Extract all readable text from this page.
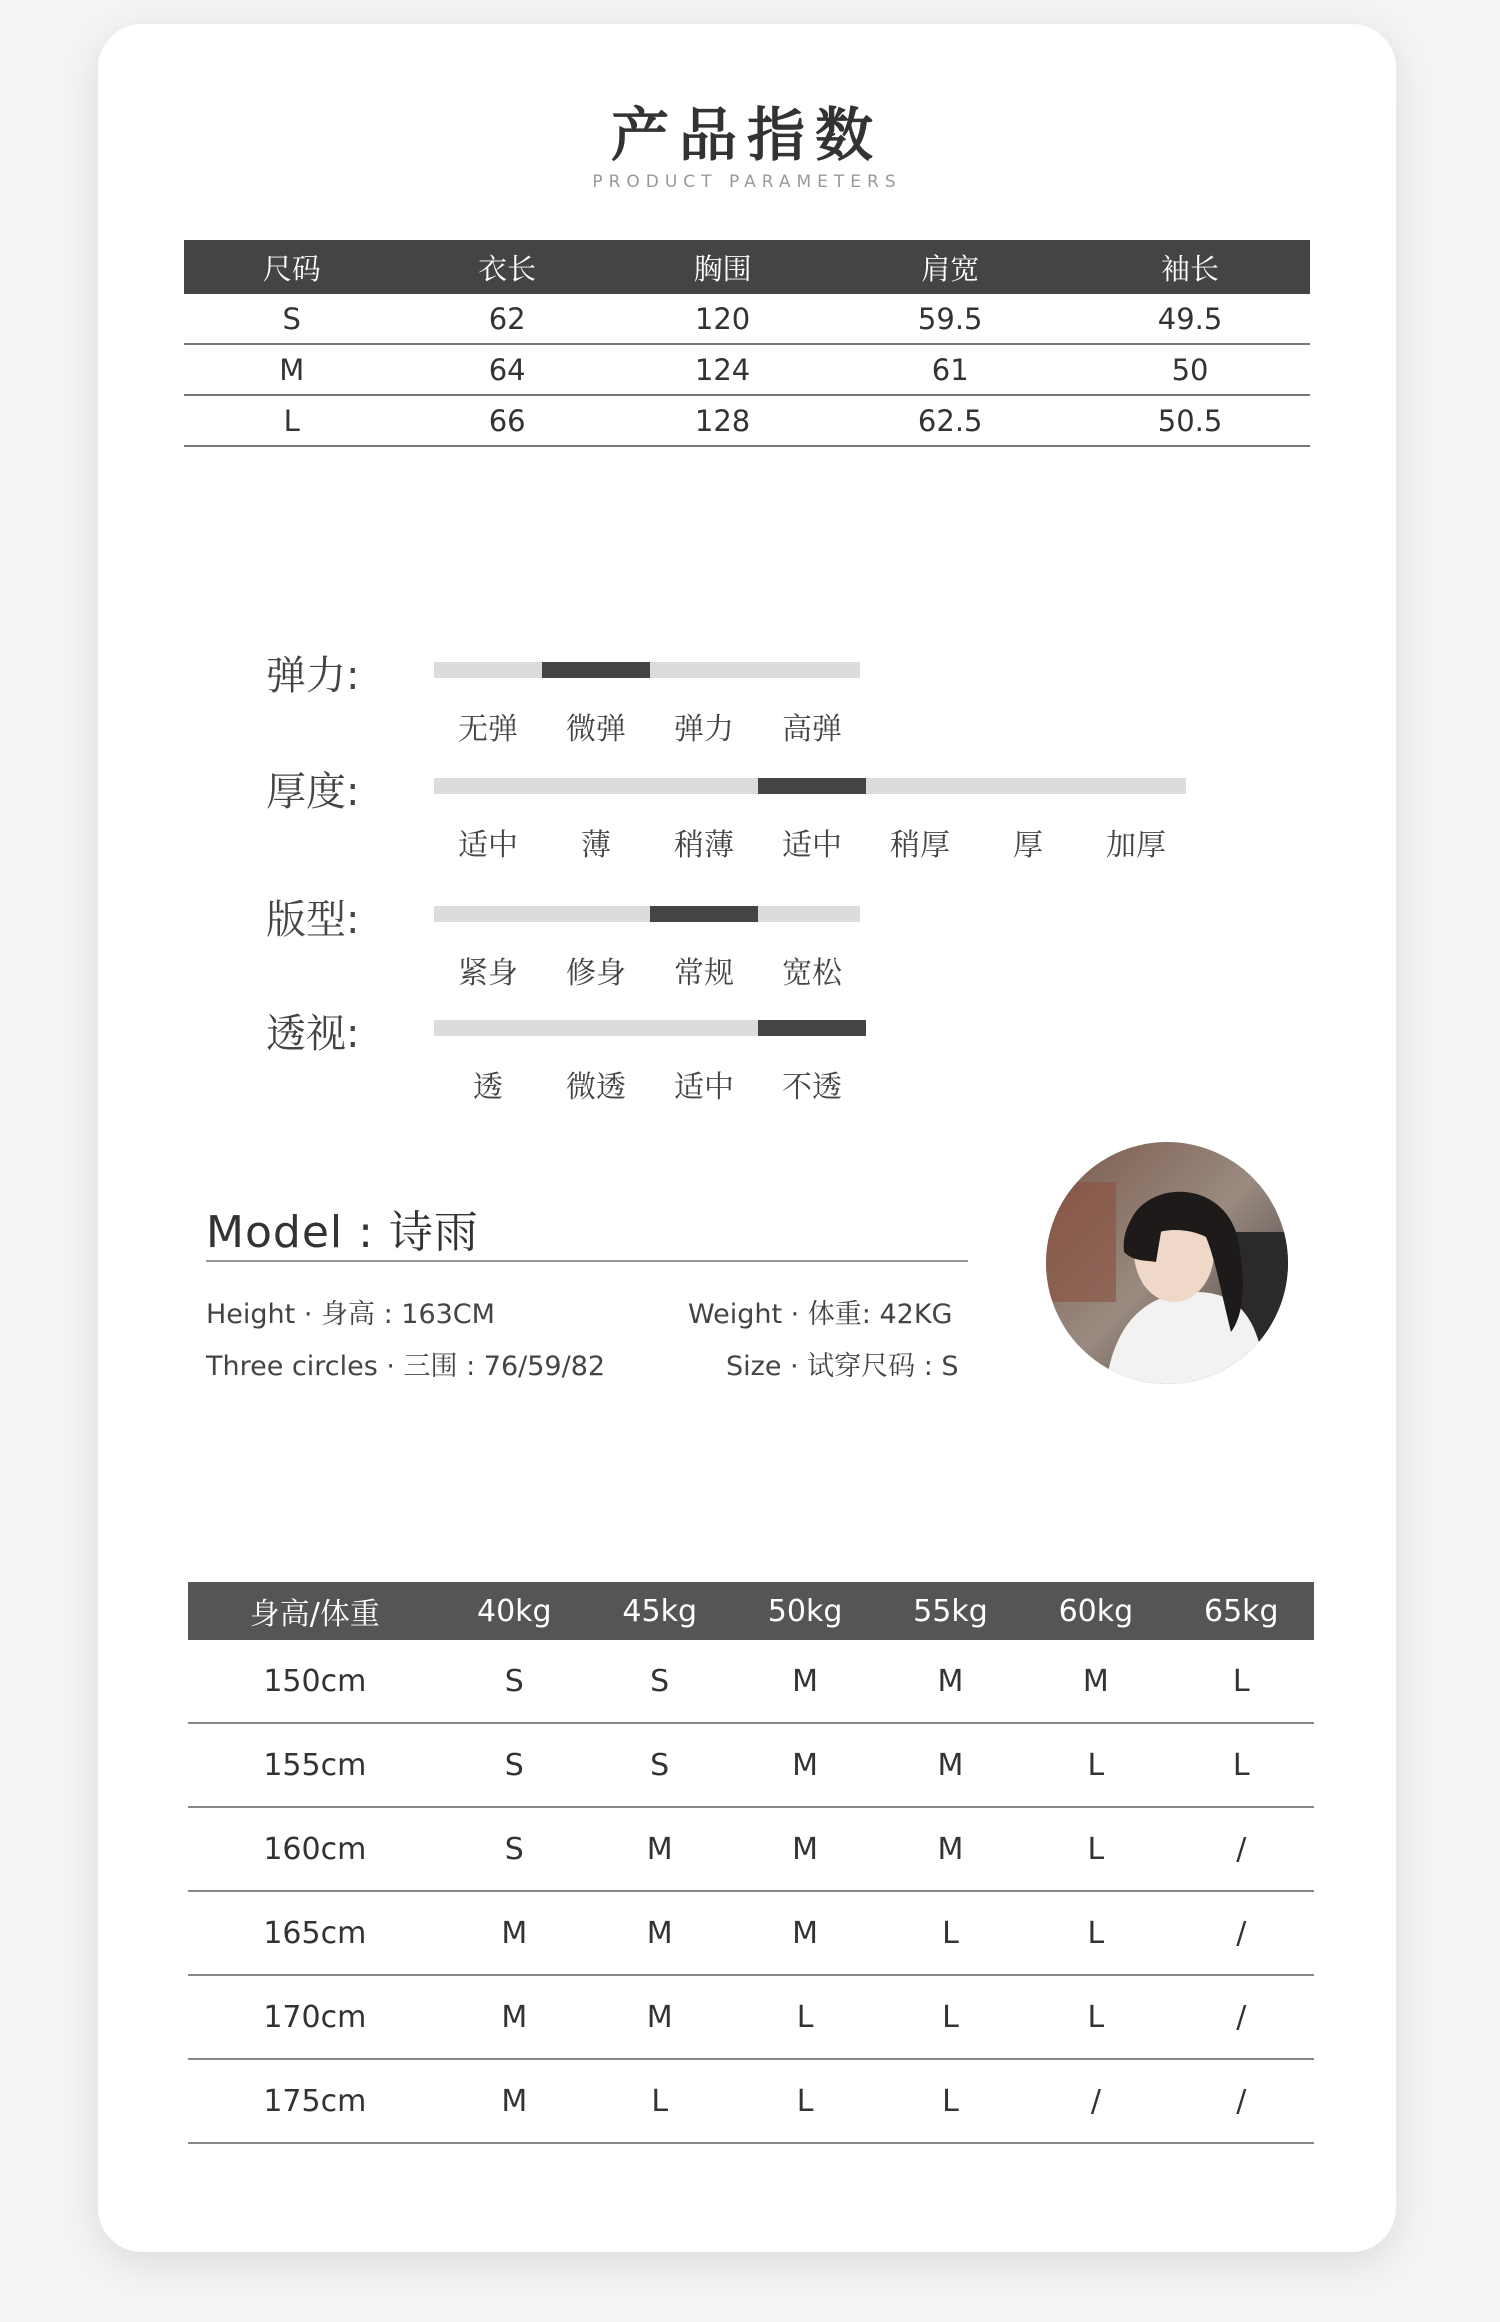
产品指数
PRODUCT PARAMETERS
尺码	衣长	胸围	肩宽	袖长
S	62	120	59.5	49.5
M	64	124	61	50
L	66	128	62.5	50.5
弹力:
无弹	微弹	弹力	高弹
厚度:
适中	薄	稍薄	适中	稍厚	厚	加厚
版型:
紧身	修身	常规	宽松
透视:
透	微透	适中	不透
Model : 诗雨
Height · 身高 : 163CM	Weight · 体重: 42KG
Three circles · 三围 : 76/59/82	Size · 试穿尺码 : S
身高/体重	40kg	45kg	50kg	55kg	60kg	65kg
150cm	S	S	M	M	M	L
155cm	S	S	M	M	L	L
160cm	S	M	M	M	L	/
165cm	M	M	M	L	L	/
170cm	M	M	L	L	L	/
175cm	M	L	L	L	/	/
